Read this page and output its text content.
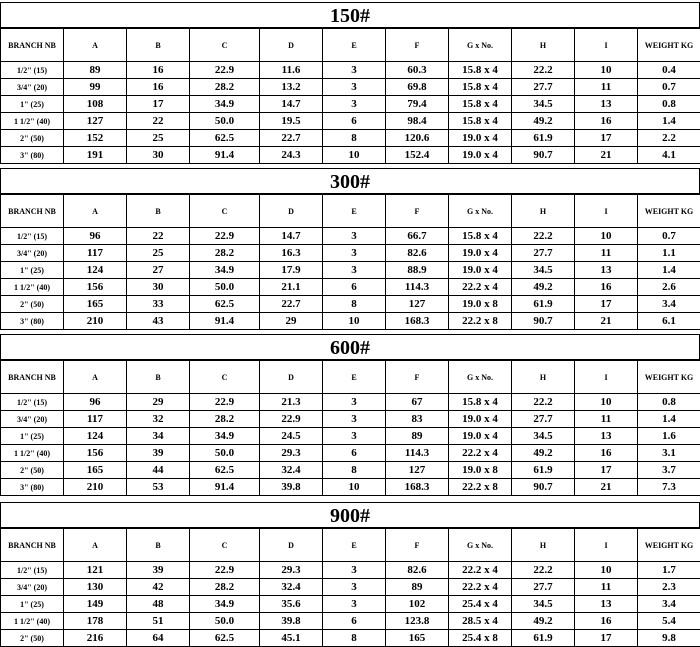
150#
BRANCH NB	A	B	C	D	E	F	G x No.	H	I	WEIGHT KG
1/2" (15)	89	16	22.9	11.6	3	60.3	15.8 x 4	22.2	10	0.4
3/4" (20)	99	16	28.2	13.2	3	69.8	15.8 x 4	27.7	11	0.7
1" (25)	108	17	34.9	14.7	3	79.4	15.8 x 4	34.5	13	0.8
1 1/2" (40)	127	22	50.0	19.5	6	98.4	15.8 x 4	49.2	16	1.4
2" (50)	152	25	62.5	22.7	8	120.6	19.0 x 4	61.9	17	2.2
3" (80)	191	30	91.4	24.3	10	152.4	19.0 x 4	90.7	21	4.1
300#
BRANCH NB	A	B	C	D	E	F	G x No.	H	I	WEIGHT KG
1/2" (15)	96	22	22.9	14.7	3	66.7	15.8 x 4	22.2	10	0.7
3/4" (20)	117	25	28.2	16.3	3	82.6	19.0 x 4	27.7	11	1.1
1" (25)	124	27	34.9	17.9	3	88.9	19.0 x 4	34.5	13	1.4
1 1/2" (40)	156	30	50.0	21.1	6	114.3	22.2 x 4	49.2	16	2.6
2" (50)	165	33	62.5	22.7	8	127	19.0 x 8	61.9	17	3.4
3" (80)	210	43	91.4	29	10	168.3	22.2 x 8	90.7	21	6.1
600#
BRANCH NB	A	B	C	D	E	F	G x No.	H	I	WEIGHT KG
1/2" (15)	96	29	22.9	21.3	3	67	15.8 x 4	22.2	10	0.8
3/4" (20)	117	32	28.2	22.9	3	83	19.0 x 4	27.7	11	1.4
1" (25)	124	34	34.9	24.5	3	89	19.0 x 4	34.5	13	1.6
1 1/2" (40)	156	39	50.0	29.3	6	114.3	22.2 x 4	49.2	16	3.1
2" (50)	165	44	62.5	32.4	8	127	19.0 x 8	61.9	17	3.7
3" (80)	210	53	91.4	39.8	10	168.3	22.2 x 8	90.7	21	7.3
900#
BRANCH NB	A	B	C	D	E	F	G x No.	H	I	WEIGHT KG
1/2" (15)	121	39	22.9	29.3	3	82.6	22.2 x 4	22.2	10	1.7
3/4" (20)	130	42	28.2	32.4	3	89	22.2 x 4	27.7	11	2.3
1" (25)	149	48	34.9	35.6	3	102	25.4 x 4	34.5	13	3.4
1 1/2" (40)	178	51	50.0	39.8	6	123.8	28.5 x 4	49.2	16	5.4
2" (50)	216	64	62.5	45.1	8	165	25.4 x 8	61.9	17	9.8
